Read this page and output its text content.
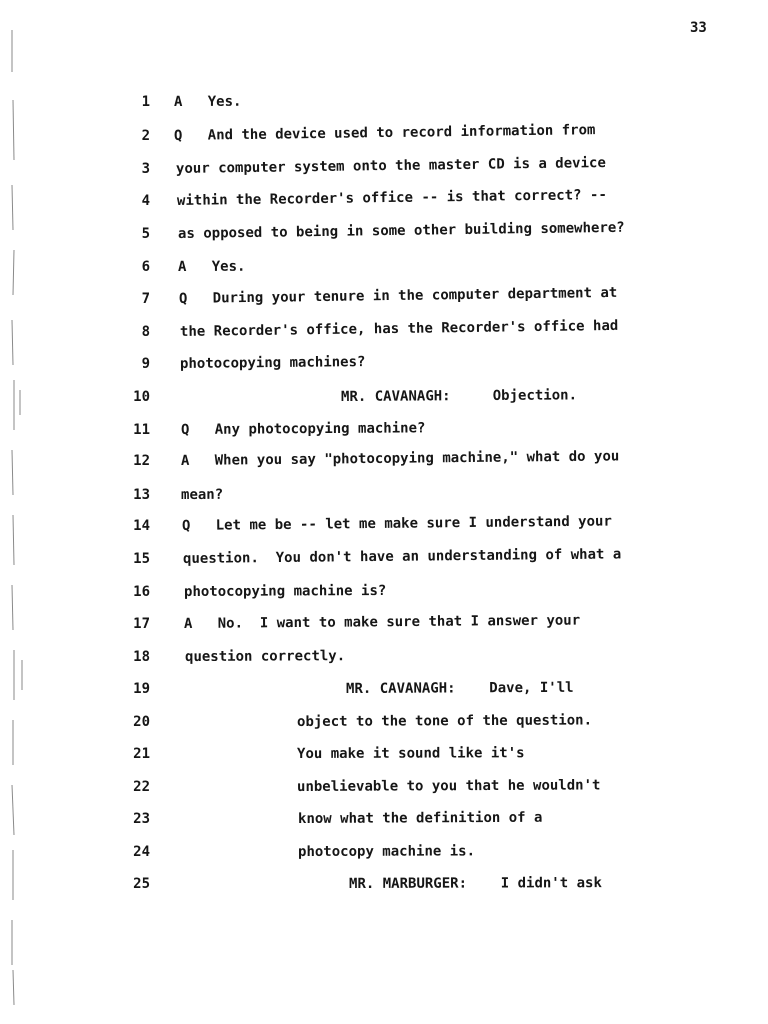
33
1 A   Yes.
2 Q   And the device used to record information from
3 your computer system onto the master CD is a device
4 within the Recorder's office -- is that correct? --
5 as opposed to being in some other building somewhere?
6 A   Yes.
7 Q   During your tenure in the computer department at
8 the Recorder's office, has the Recorder's office had
9 photocopying machines?
10	MR. CAVANAGH:     Objection.
11 Q   Any photocopying machine?
12 A   When you say "photocopying machine," what do you
13 mean?
14 Q   Let me be -- let me make sure I understand your
15 question.  You don't have an understanding of what a
16 photocopying machine is?
17 A   No.  I want to make sure that I answer your
18 question correctly.
19	MR. CAVANAGH:    Dave, I'll
20	object to the tone of the question.
21	You make it sound like it's
22	unbelievable to you that he wouldn't
23	know what the definition of a
24	photocopy machine is.
25	MR. MARBURGER:    I didn't ask
